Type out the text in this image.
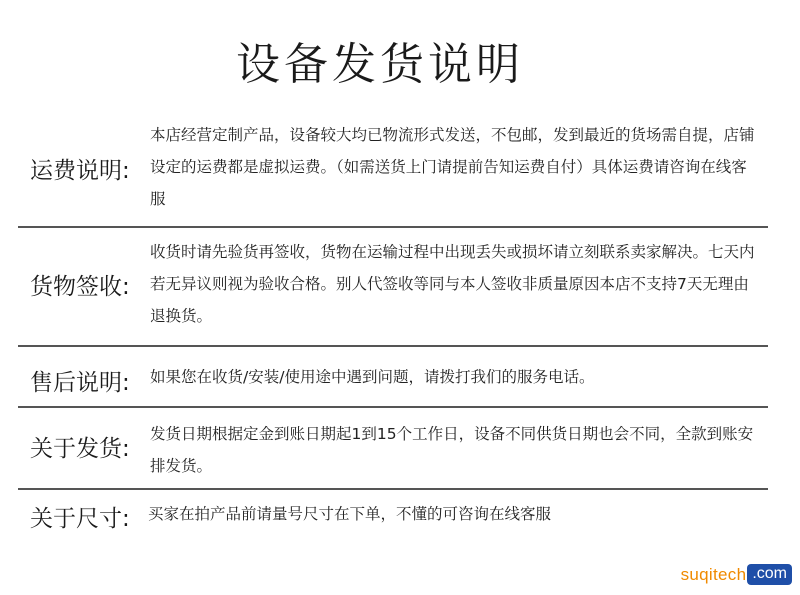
设备发货说明
运费说明:
本店经营定制产品，设备较大均已物流形式发送，不包邮，发到最近的货场需自提，店铺设定的运费都是虚拟运费。（如需送货上门请提前告知运费自付）具体运费请咨询在线客服
货物签收:
收货时请先验货再签收，货物在运输过程中出现丢失或损坏请立刻联系卖家解决。七天内若无异议则视为验收合格。别人代签收等同与本人签收非质量原因本店不支持7天无理由退换货。
售后说明: 如果您在收货/安装/使用途中遇到问题，请拨打我们的服务电话。
关于发货:
发货日期根据定金到账日期起1到15个工作日，设备不同供货日期也会不同，全款到账安排发货。
关于尺寸: 买家在拍产品前请量号尺寸在下单，不懂的可咨询在线客服
suqitech .com
